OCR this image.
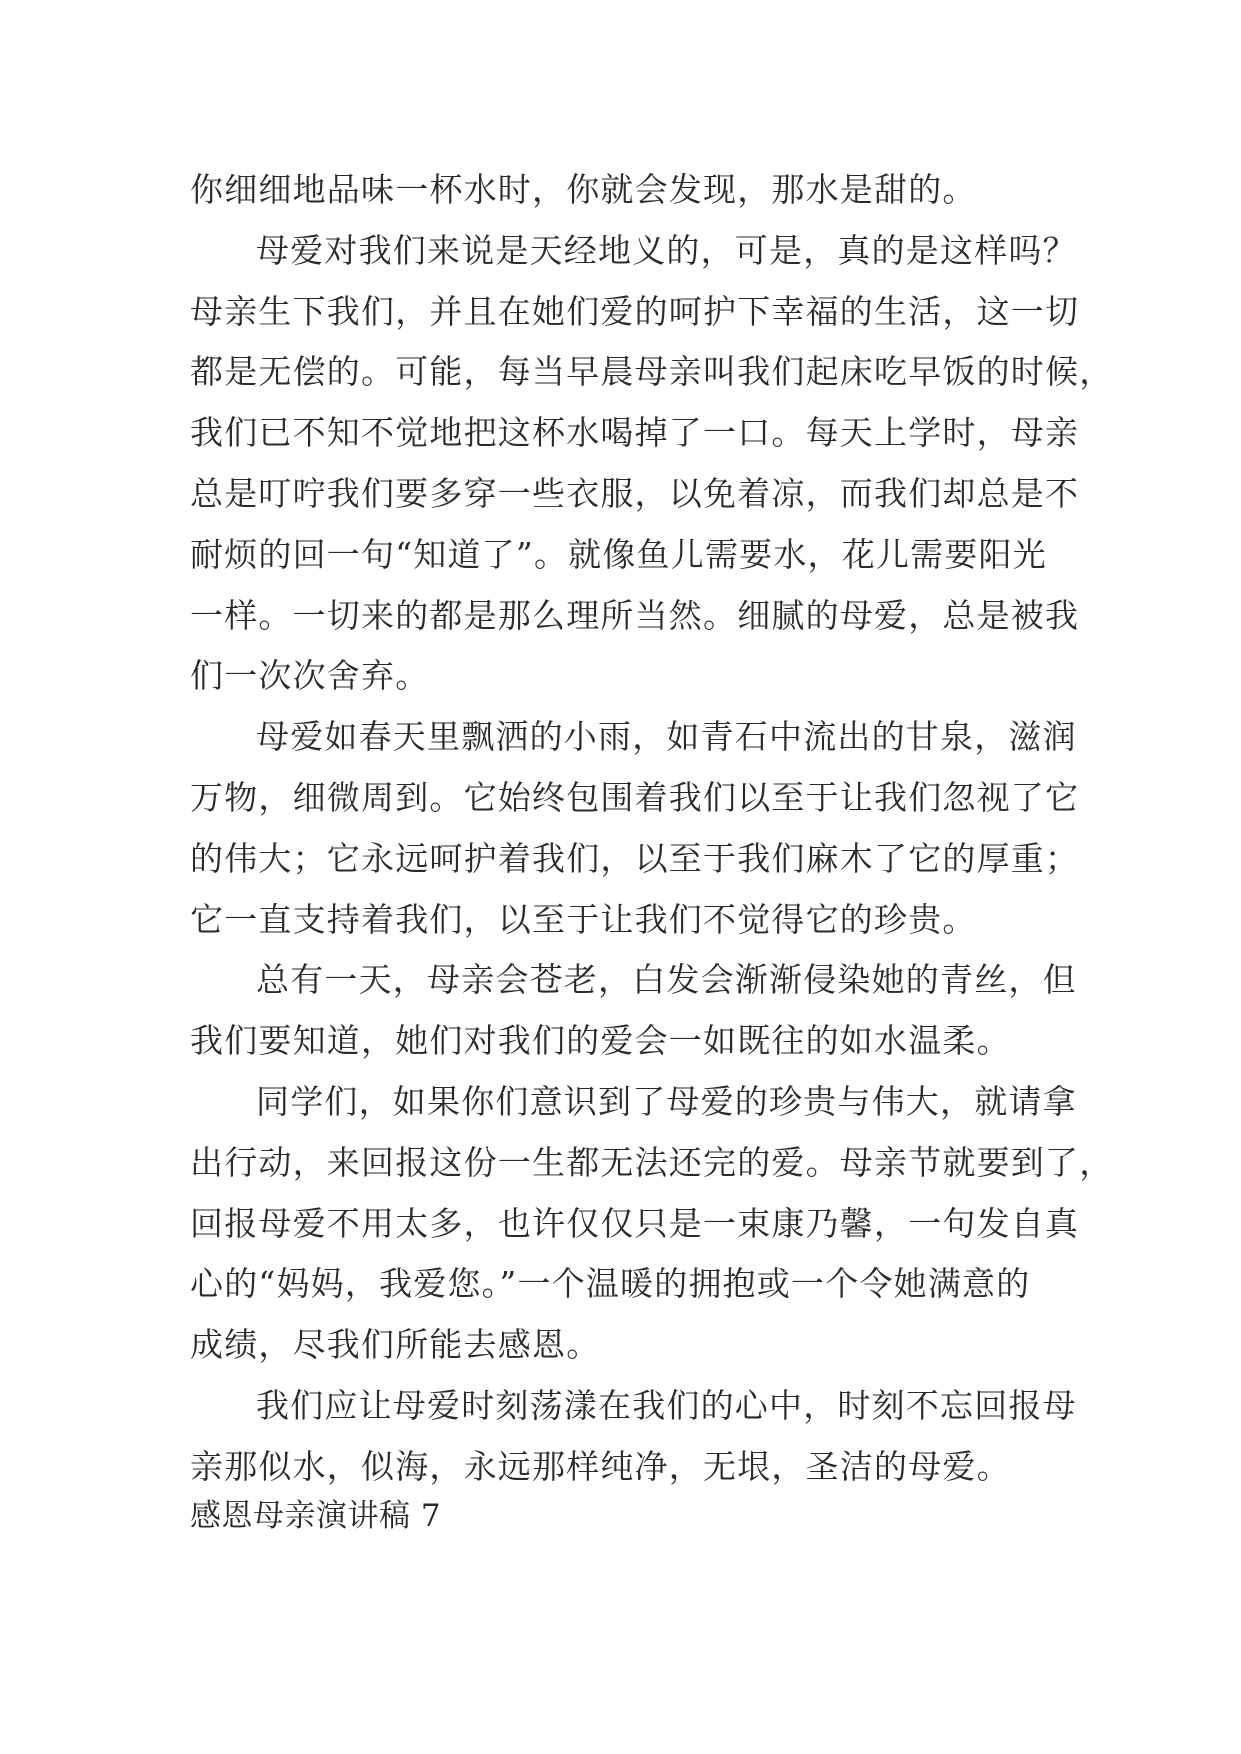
你细细地品味一杯水时，你就会发现，那水是甜的。
母爱对我们来说是天经地义的，可是，真的是这样吗？
母亲生下我们，并且在她们爱的呵护下幸福的生活，这一切
都是无偿的。可能，每当早晨母亲叫我们起床吃早饭的时候，
我们已不知不觉地把这杯水喝掉了一口。每天上学时，母亲
总是叮咛我们要多穿一些衣服，以免着凉，而我们却总是不
耐烦的回一句“知道了”。就像鱼儿需要水，花儿需要阳光
一样。一切来的都是那么理所当然。细腻的母爱，总是被我
们一次次舍弃。
母爱如春天里飘洒的小雨，如青石中流出的甘泉，滋润
万物，细微周到。它始终包围着我们以至于让我们忽视了它
的伟大；它永远呵护着我们，以至于我们麻木了它的厚重；
它一直支持着我们，以至于让我们不觉得它的珍贵。
总有一天，母亲会苍老，白发会渐渐侵染她的青丝，但
我们要知道，她们对我们的爱会一如既往的如水温柔。
同学们，如果你们意识到了母爱的珍贵与伟大，就请拿
出行动，来回报这份一生都无法还完的爱。母亲节就要到了，
回报母爱不用太多，也许仅仅只是一束康乃馨，一句发自真
心的“妈妈，我爱您。”一个温暖的拥抱或一个令她满意的
成绩，尽我们所能去感恩。
我们应让母爱时刻荡漾在我们的心中，时刻不忘回报母
亲那似水，似海，永远那样纯净，无垠，圣洁的母爱。
感恩母亲演讲稿 7
